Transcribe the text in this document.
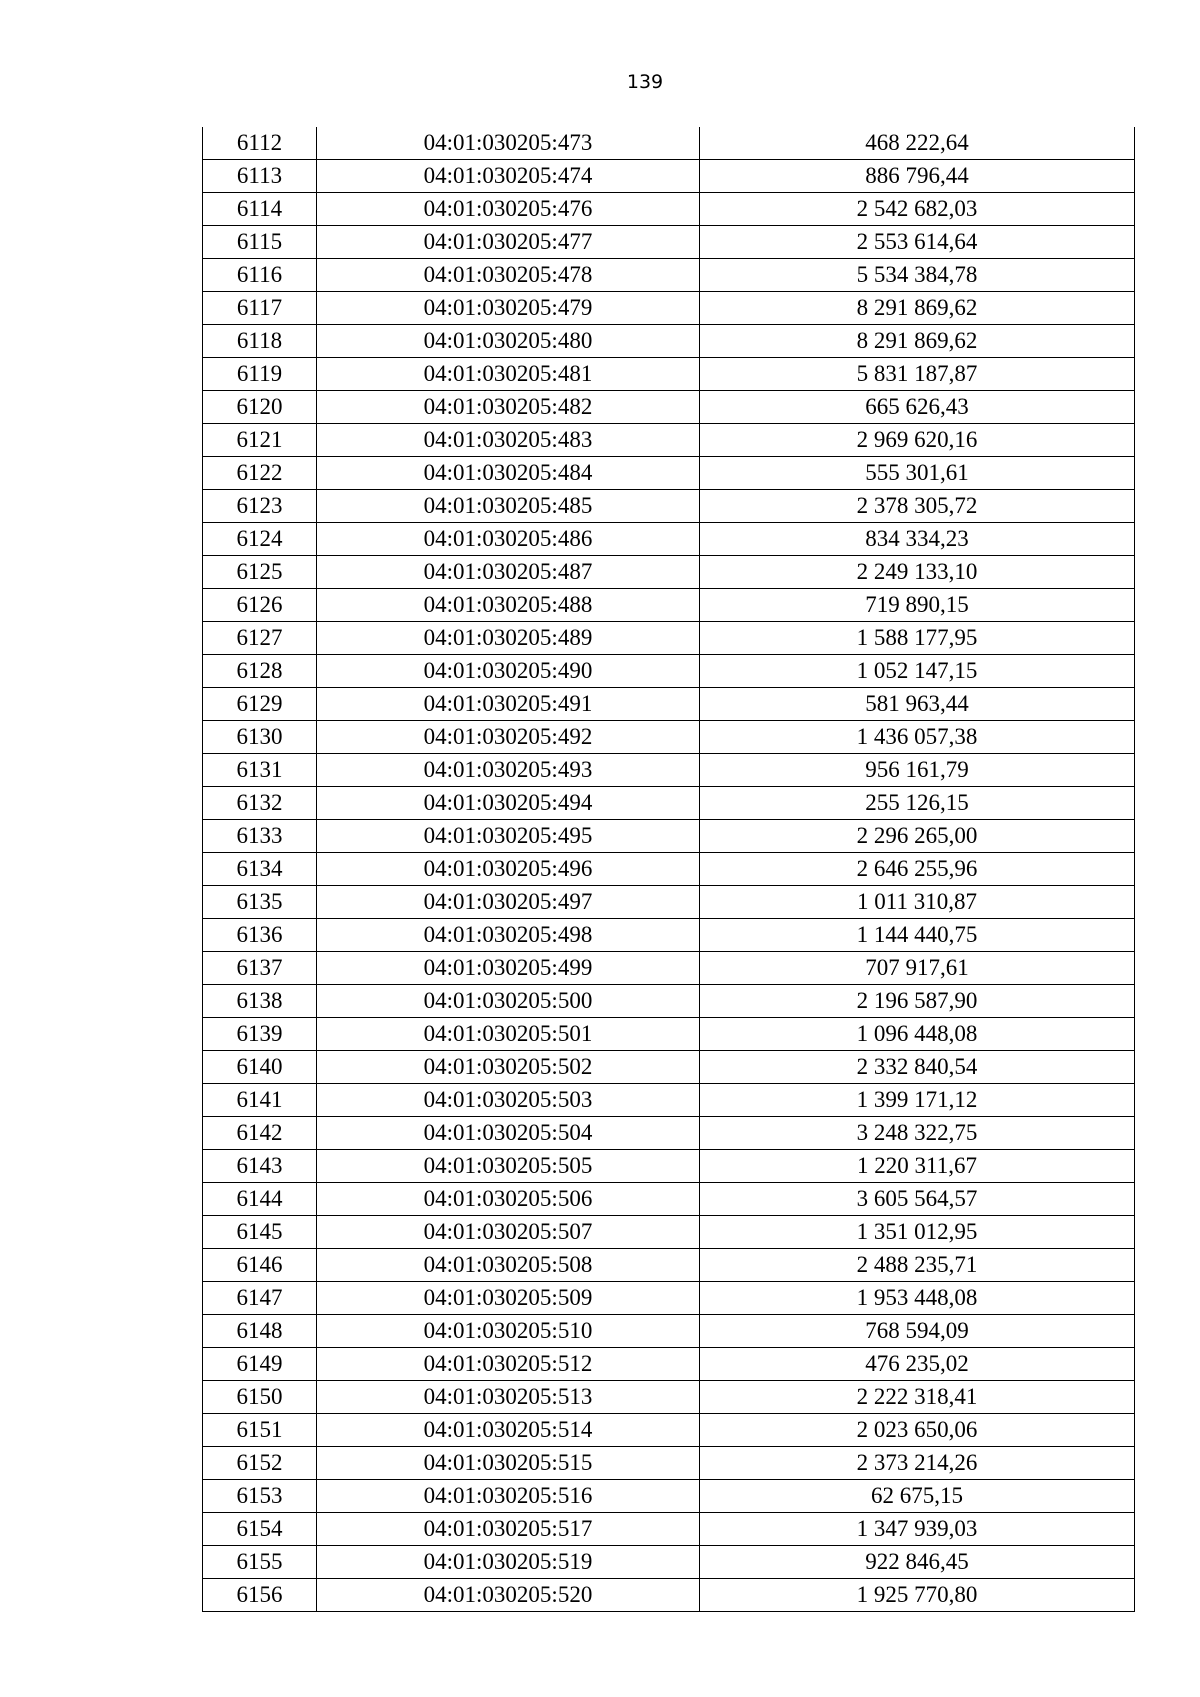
139
6112	04:01:030205:473	468 222,64
6113	04:01:030205:474	886 796,44
6114	04:01:030205:476	2 542 682,03
6115	04:01:030205:477	2 553 614,64
6116	04:01:030205:478	5 534 384,78
6117	04:01:030205:479	8 291 869,62
6118	04:01:030205:480	8 291 869,62
6119	04:01:030205:481	5 831 187,87
6120	04:01:030205:482	665 626,43
6121	04:01:030205:483	2 969 620,16
6122	04:01:030205:484	555 301,61
6123	04:01:030205:485	2 378 305,72
6124	04:01:030205:486	834 334,23
6125	04:01:030205:487	2 249 133,10
6126	04:01:030205:488	719 890,15
6127	04:01:030205:489	1 588 177,95
6128	04:01:030205:490	1 052 147,15
6129	04:01:030205:491	581 963,44
6130	04:01:030205:492	1 436 057,38
6131	04:01:030205:493	956 161,79
6132	04:01:030205:494	255 126,15
6133	04:01:030205:495	2 296 265,00
6134	04:01:030205:496	2 646 255,96
6135	04:01:030205:497	1 011 310,87
6136	04:01:030205:498	1 144 440,75
6137	04:01:030205:499	707 917,61
6138	04:01:030205:500	2 196 587,90
6139	04:01:030205:501	1 096 448,08
6140	04:01:030205:502	2 332 840,54
6141	04:01:030205:503	1 399 171,12
6142	04:01:030205:504	3 248 322,75
6143	04:01:030205:505	1 220 311,67
6144	04:01:030205:506	3 605 564,57
6145	04:01:030205:507	1 351 012,95
6146	04:01:030205:508	2 488 235,71
6147	04:01:030205:509	1 953 448,08
6148	04:01:030205:510	768 594,09
6149	04:01:030205:512	476 235,02
6150	04:01:030205:513	2 222 318,41
6151	04:01:030205:514	2 023 650,06
6152	04:01:030205:515	2 373 214,26
6153	04:01:030205:516	62 675,15
6154	04:01:030205:517	1 347 939,03
6155	04:01:030205:519	922 846,45
6156	04:01:030205:520	1 925 770,80
